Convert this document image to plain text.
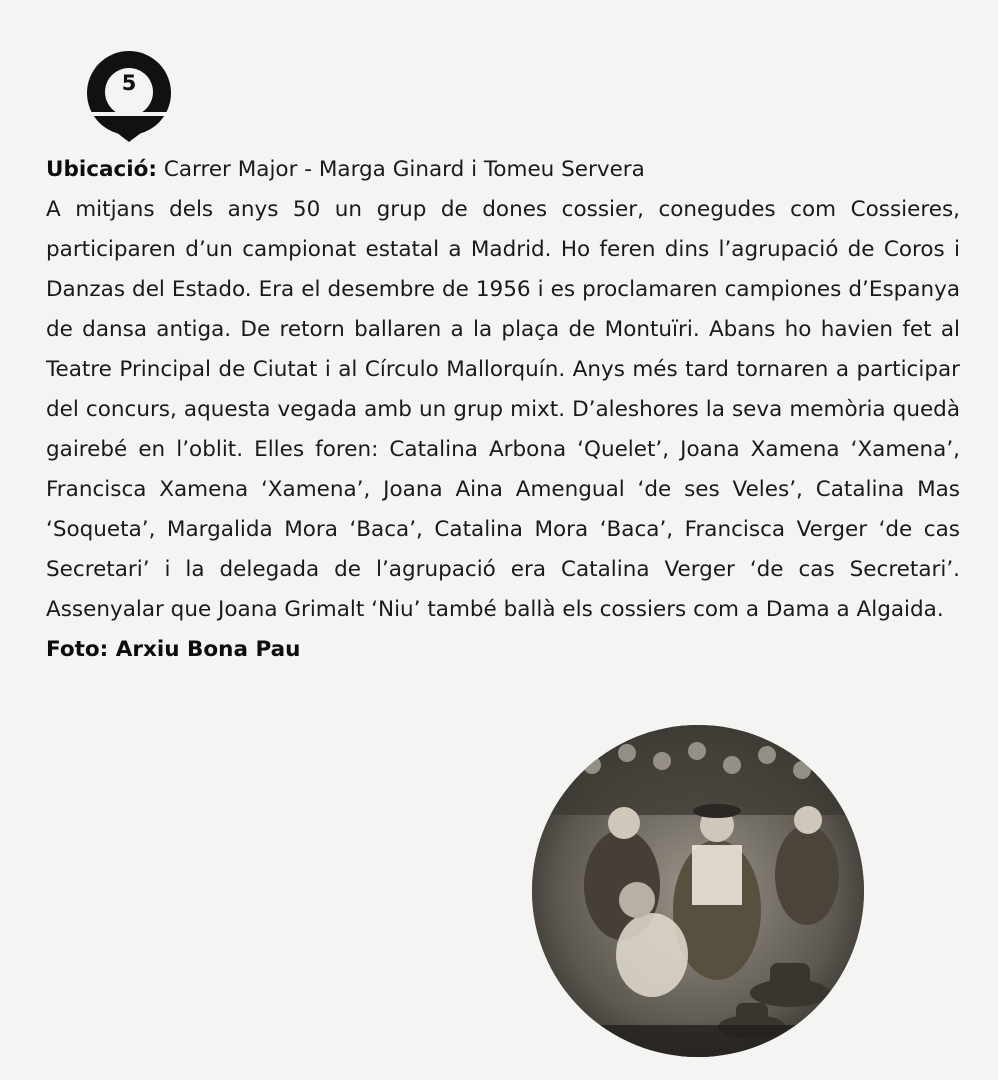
5

Ubicació: Carrer Major - Marga Ginard i Tomeu Servera

A mitjans dels anys 50 un grup de dones cossier, conegudes com Cossieres, participaren d’un campionat estatal a Madrid. Ho feren dins l’agrupació de Coros i Danzas del Estado. Era el desembre de 1956 i es proclamaren campiones d’Espanya de dansa antiga. De retorn ballaren a la plaça de Montuïri. Abans ho havien fet al Teatre Principal de Ciutat i al Círculo Mallorquín. Anys més tard tornaren a participar del concurs, aquesta vegada amb un grup mixt. D’aleshores la seva memòria quedà gairebé en l’oblit. Elles foren: Catalina Arbona ‘Quelet’, Joana Xamena ‘Xamena’, Francisca Xamena ‘Xamena’, Joana Aina Amengual ‘de ses Veles’, Catalina Mas ‘Soqueta’, Margalida Mora ‘Baca’, Catalina Mora ‘Baca’, Francisca Verger ‘de cas Secretari’ i la delegada de l’agrupació era Catalina Verger ‘de cas Secretari’. Assenyalar que Joana Grimalt ‘Niu’ també ballà els cossiers com a Dama a Algaida.

Foto: Arxiu Bona Pau
